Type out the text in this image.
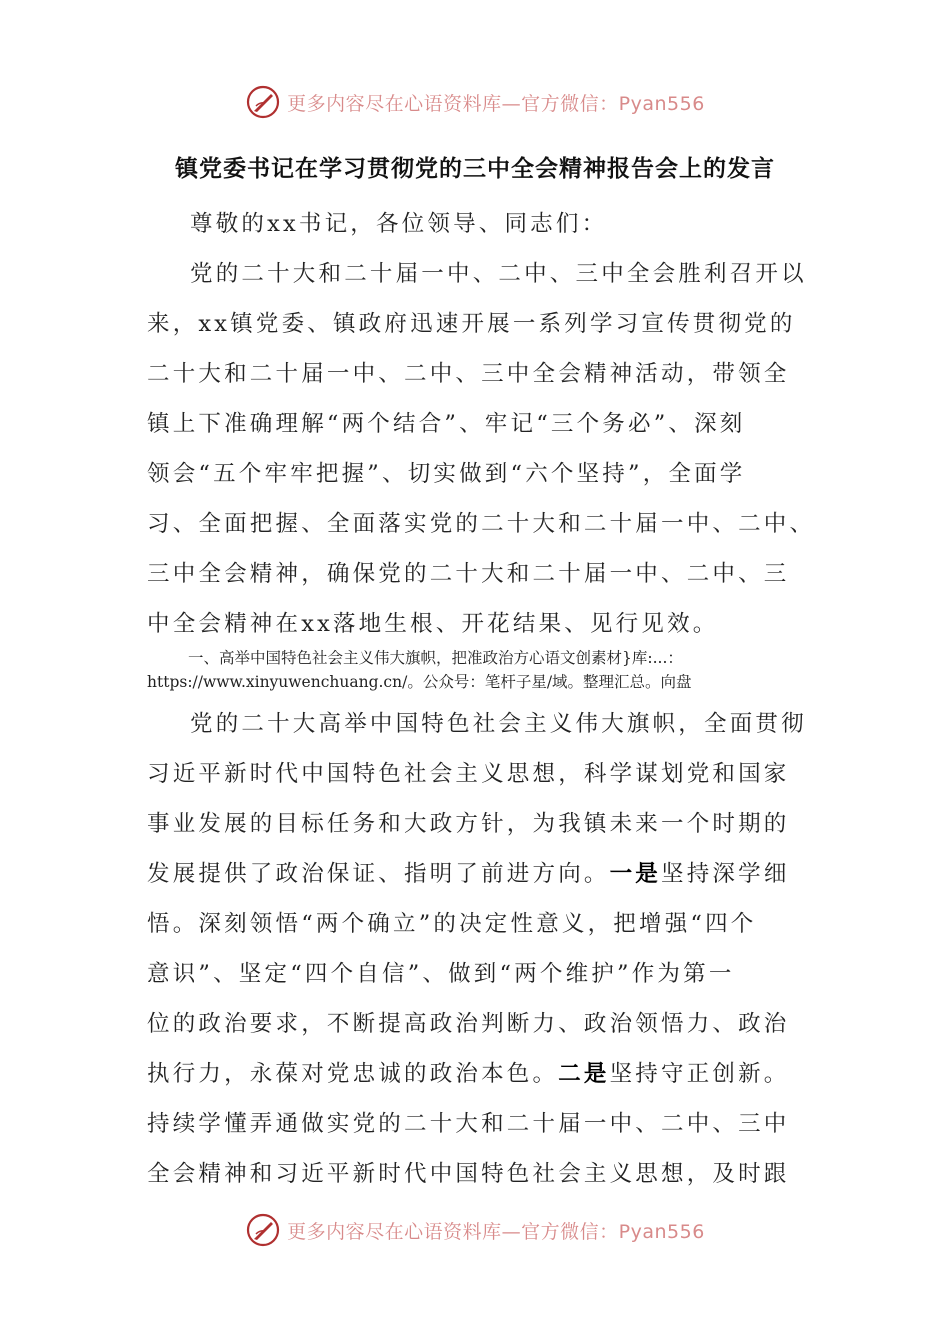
更多内容尽在心语资料库—官方微信：Pyan556
镇党委书记在学习贯彻党的三中全会精神报告会上的发言

尊敬的xx书记，各位领导、同志们：

党的二十大和二十届一中、二中、三中全会胜利召开以

来，xx镇党委、镇政府迅速开展一系列学习宣传贯彻党的

二十大和二十届一中、二中、三中全会精神活动，带领全

镇上下准确理解“两个结合”、牢记“三个务必”、深刻

领会“五个牢牢把握”、切实做到“六个坚持”，全面学

习、全面把握、全面落实党的二十大和二十届一中、二中、

三中全会精神，确保党的二十大和二十届一中、二中、三

中全会精神在xx落地生根、开花结果、见行见效。

一、高举中国特色社会主义伟大旗帜，把准政治方心语文创素材}库:...：

https://www.xinyuwenchuang.cn/。公众号：笔杆子星/域。整理汇总。向盘

党的二十大高举中国特色社会主义伟大旗帜，全面贯彻

习近平新时代中国特色社会主义思想，科学谋划党和国家

事业发展的目标任务和大政方针，为我镇未来一个时期的

发展提供了政治保证、指明了前进方向。一是坚持深学细

悟。深刻领悟“两个确立”的决定性意义，把增强“四个

意识”、坚定“四个自信”、做到“两个维护”作为第一

位的政治要求，不断提高政治判断力、政治领悟力、政治

执行力，永葆对党忠诚的政治本色。二是坚持守正创新。

持续学懂弄通做实党的二十大和二十届一中、二中、三中

全会精神和习近平新时代中国特色社会主义思想，及时跟

更多内容尽在心语资料库—官方微信：Pyan556
